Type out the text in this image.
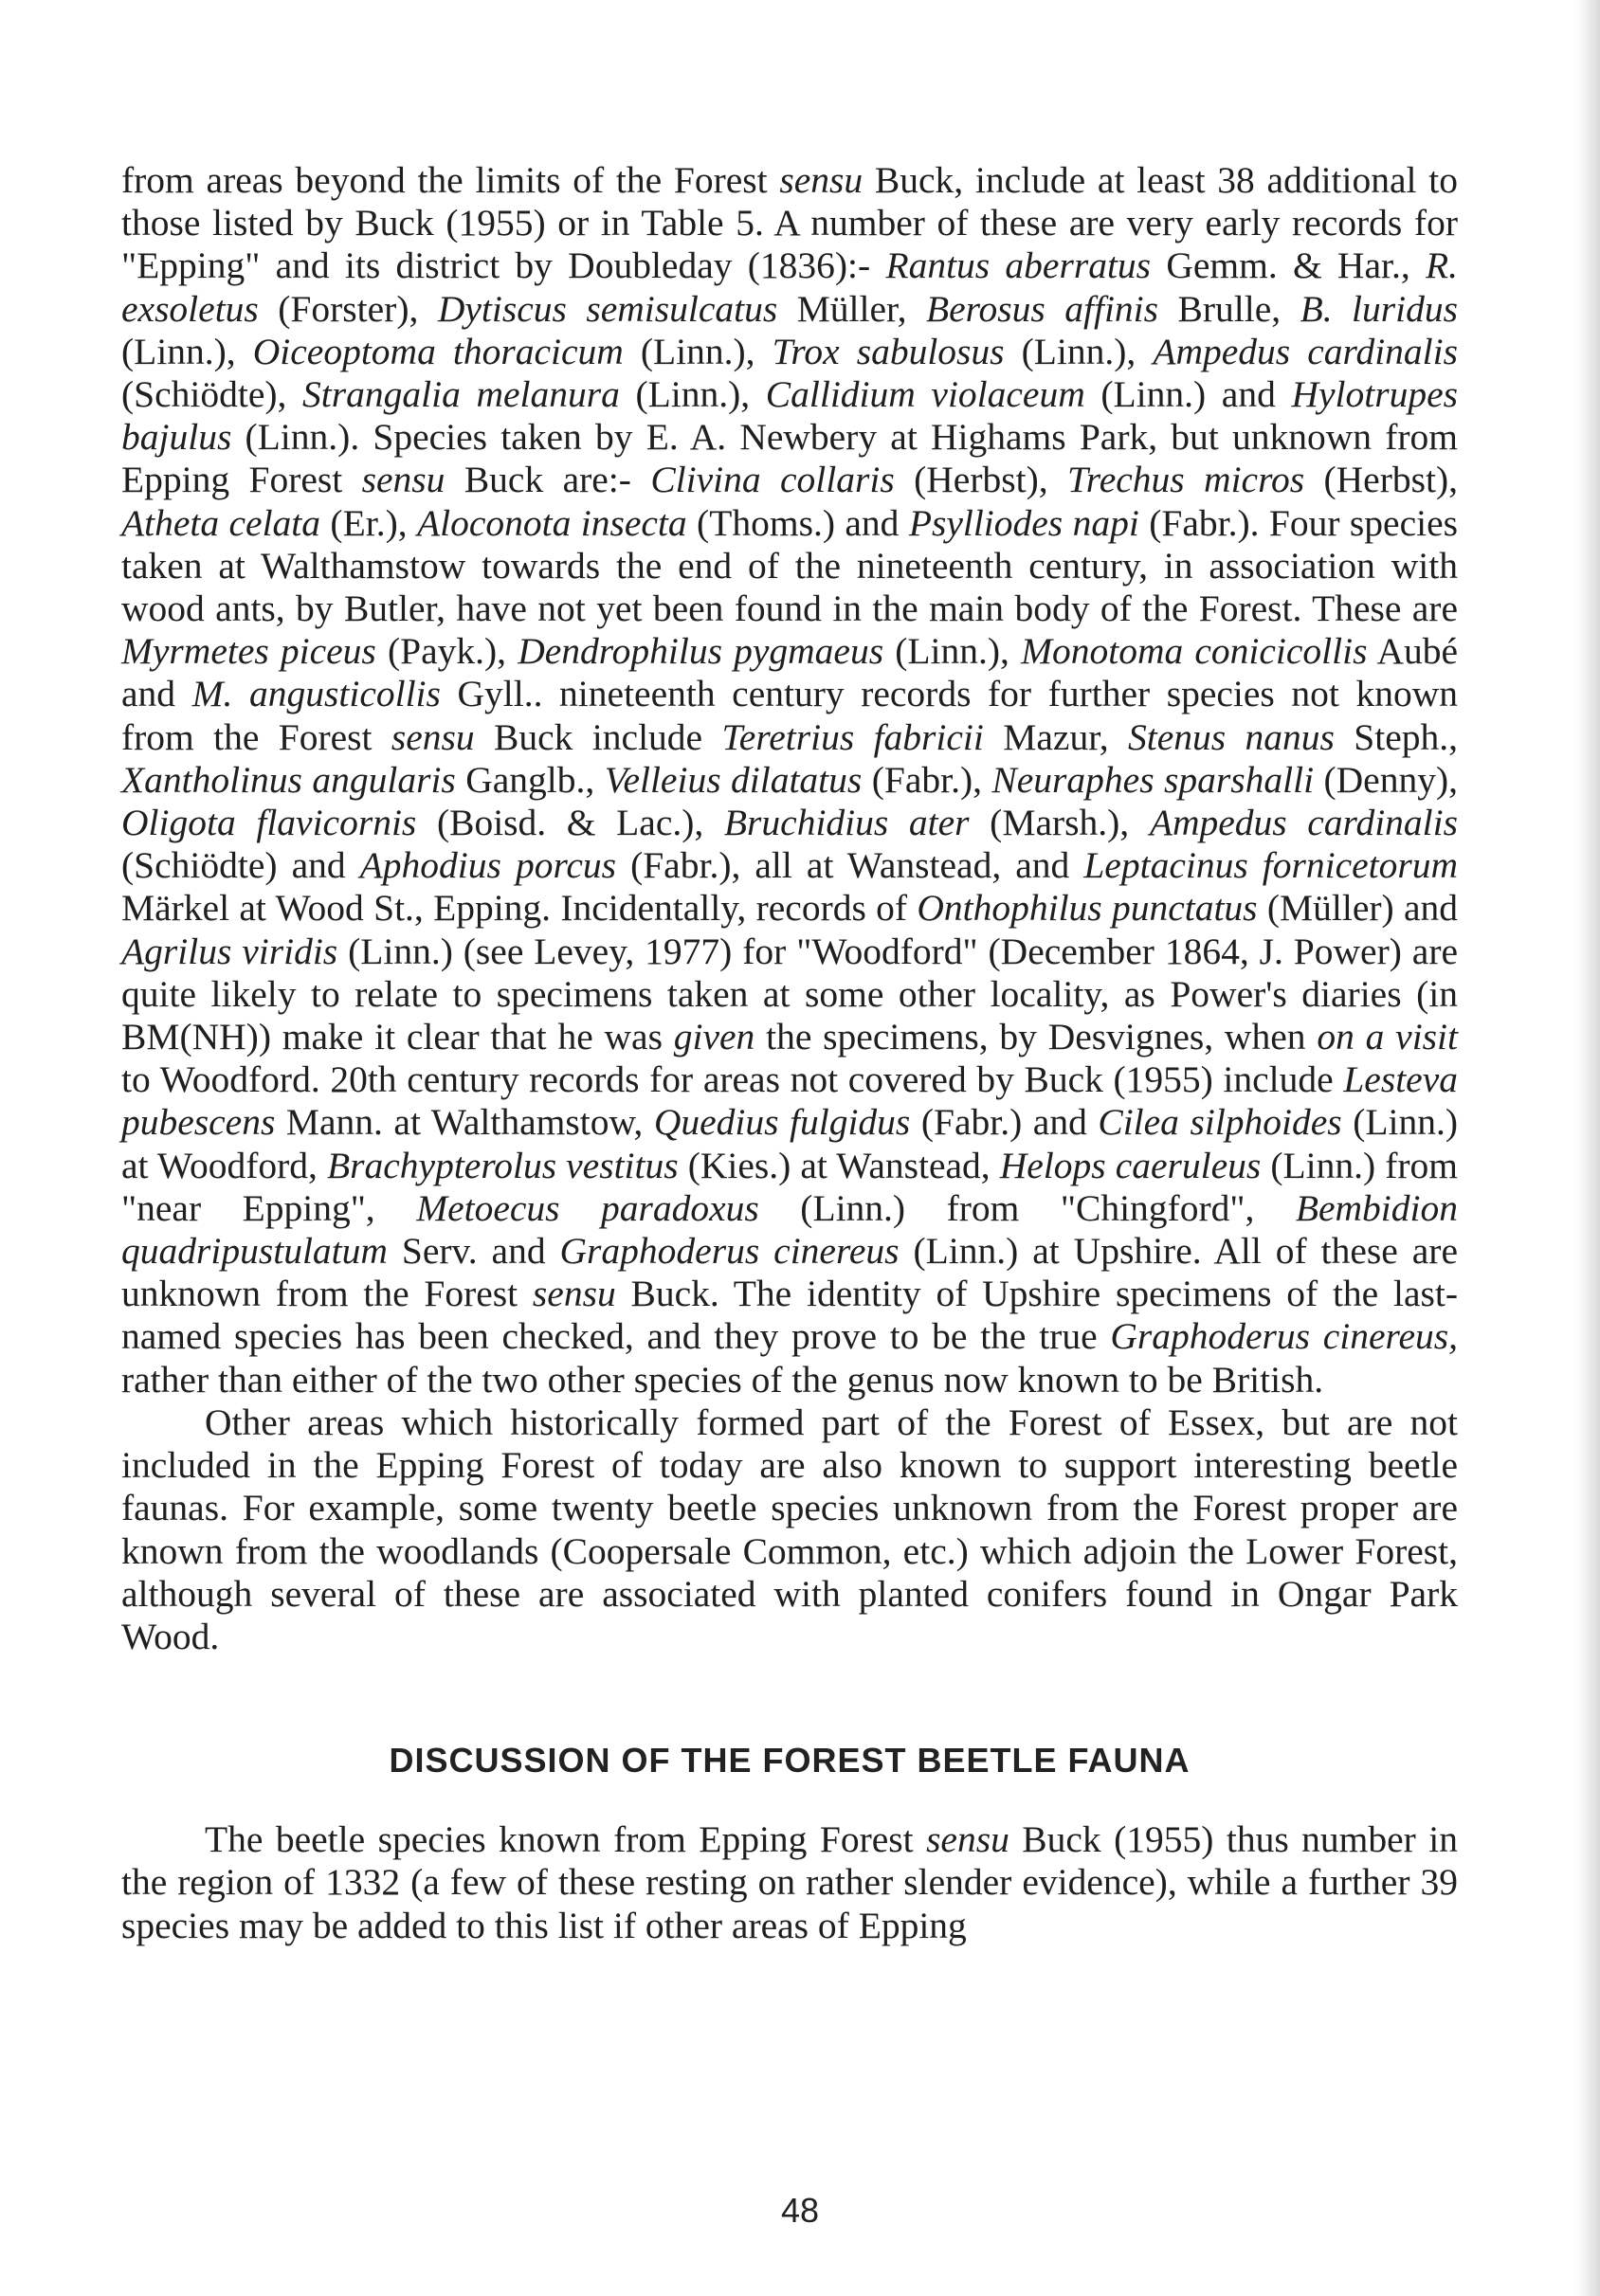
from areas beyond the limits of the Forest sensu Buck, include at least 38 additional to those listed by Buck (1955) or in Table 5. A number of these are very early records for "Epping" and its district by Doubleday (1836):- Rantus aberratus Gemm. & Har., R. exsoletus (Forster), Dytiscus semisulcatus Müller, Berosus affinis Brulle, B. luridus (Linn.), Oiceoptoma thoracicum (Linn.), Trox sabulosus (Linn.), Ampedus cardinalis (Schiödte), Strangalia melanura (Linn.), Callidium violaceum (Linn.) and Hylotrupes bajulus (Linn.). Species taken by E. A. Newbery at Highams Park, but unknown from Epping Forest sensu Buck are:- Clivina collaris (Herbst), Trechus micros (Herbst), Atheta celata (Er.), Aloconota insecta (Thoms.) and Psylliodes napi (Fabr.). Four species taken at Walthamstow towards the end of the nineteenth century, in association with wood ants, by Butler, have not yet been found in the main body of the Forest. These are Myrmetes piceus (Payk.), Dendrophilus pygmaeus (Linn.), Monotoma conicicollis Aubé and M. angusticollis Gyll.. nineteenth century records for further species not known from the Forest sensu Buck include Teretrius fabricii Mazur, Stenus nanus Steph., Xantholinus angularis Ganglb., Velleius dilatatus (Fabr.), Neuraphes sparshalli (Denny), Oligota flavicornis (Boisd. & Lac.), Bruchidius ater (Marsh.), Ampedus cardinalis (Schiödte) and Aphodius porcus (Fabr.), all at Wanstead, and Leptacinus fornicetorum Märkel at Wood St., Epping. Incidentally, records of Onthophilus punctatus (Müller) and Agrilus viridis (Linn.) (see Levey, 1977) for "Woodford" (December 1864, J. Power) are quite likely to relate to specimens taken at some other locality, as Power's diaries (in BM(NH)) make it clear that he was given the specimens, by Desvignes, when on a visit to Woodford. 20th century records for areas not covered by Buck (1955) include Lesteva pubescens Mann. at Walthamstow, Quedius fulgidus (Fabr.) and Cilea silphoides (Linn.) at Woodford, Brachypterolus vestitus (Kies.) at Wanstead, Helops caeruleus (Linn.) from "near Epping", Metoecus paradoxus (Linn.) from "Chingford", Bembidion quadripustulatum Serv. and Graphoderus cinereus (Linn.) at Upshire. All of these are unknown from the Forest sensu Buck. The identity of Upshire specimens of the last-named species has been checked, and they prove to be the true Graphoderus cinereus, rather than either of the two other species of the genus now known to be British.

Other areas which historically formed part of the Forest of Essex, but are not included in the Epping Forest of today are also known to support interesting beetle faunas. For example, some twenty beetle species unknown from the Forest proper are known from the woodlands (Coopersale Common, etc.) which adjoin the Lower Forest, although several of these are associated with planted conifers found in Ongar Park Wood.

DISCUSSION OF THE FOREST BEETLE FAUNA

The beetle species known from Epping Forest sensu Buck (1955) thus number in the region of 1332 (a few of these resting on rather slender evidence), while a further 39 species may be added to this list if other areas of Epping

48
